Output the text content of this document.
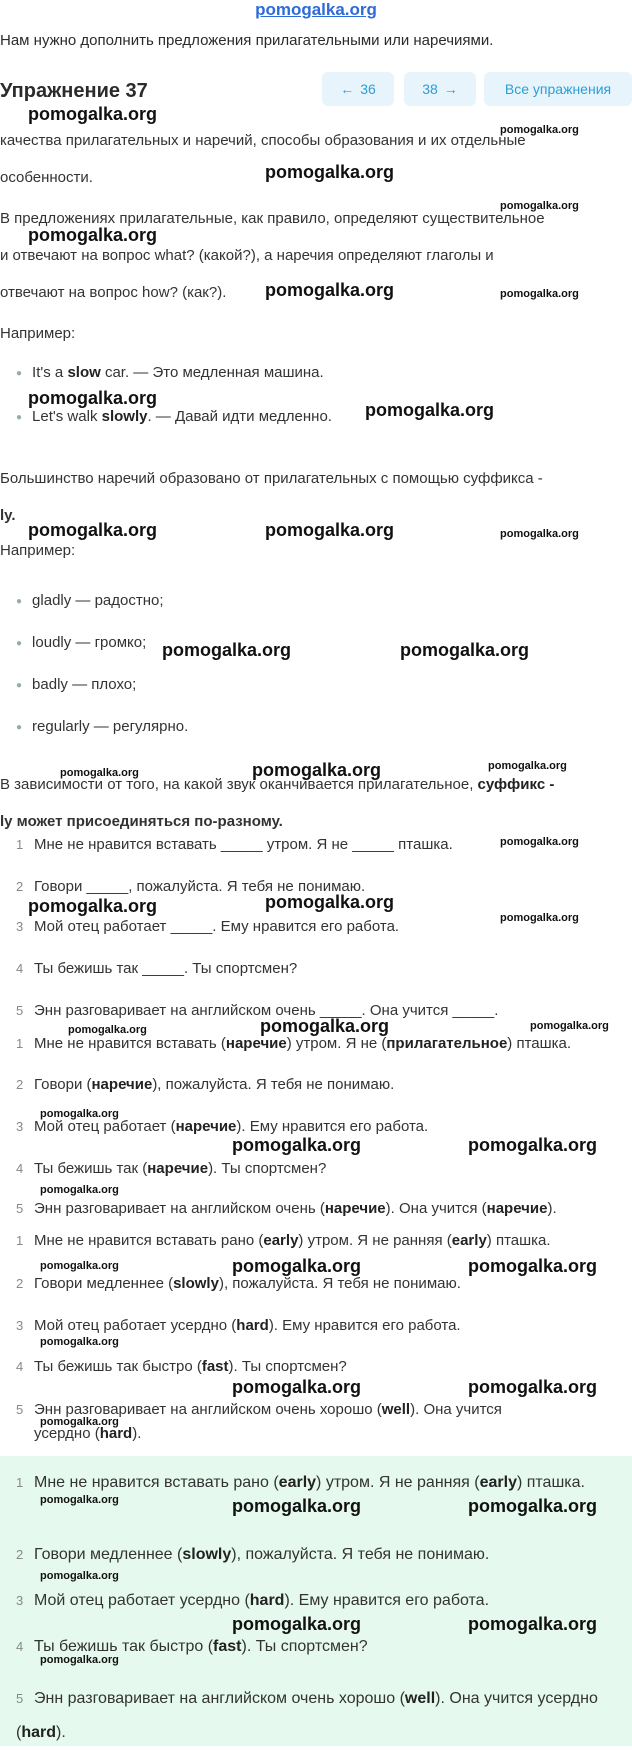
pomogalka.org
Нам нужно дополнить предложения прилагательными или наречиями.
Упражнение 37	← 36	38 →	Все упражнения
качества прилагательных и наречий, способы образования и их отдельные
особенности.
В предложениях прилагательные, как правило, определяют существительное
и отвечают на вопрос what? (какой?), а наречия определяют глаголы и
отвечают на вопрос how? (как?).
Например:
● It's a slow car. — Это медленная машина.
● Let's walk slowly. — Давай идти медленно.
Большинство наречий образовано от прилагательных с помощью суффикса -
ly.
Например:
● gladly — радостно;
● loudly — громко;
● badly — плохо;
● regularly — регулярно.
В зависимости от того, на какой звук оканчивается прилагательное, суффикс -
ly может присоединяться по-разному.
1 Мне не нравится вставать _____ утром. Я не _____ пташка.
2 Говори _____, пожалуйста. Я тебя не понимаю.
3 Мой отец работает _____. Ему нравится его работа.
4 Ты бежишь так _____. Ты спортсмен?
5 Энн разговаривает на английском очень _____. Она учится _____.
1 Мне не нравится вставать (наречие) утром. Я не (прилагательное) пташка.
2 Говори (наречие), пожалуйста. Я тебя не понимаю.
3 Мой отец работает (наречие). Ему нравится его работа.
4 Ты бежишь так (наречие). Ты спортсмен?
5 Энн разговаривает на английском очень (наречие). Она учится (наречие).
1 Мне не нравится вставать рано (early) утром. Я не ранняя (early) пташка.
2 Говори медленнее (slowly), пожалуйста. Я тебя не понимаю.
3 Мой отец работает усердно (hard). Ему нравится его работа.
4 Ты бежишь так быстро (fast). Ты спортсмен?
5 Энн разговаривает на английском очень хорошо (well). Она учится
усердно (hard).
1 Мне не нравится вставать рано (early) утром. Я не ранняя (early) пташка.
2 Говори медленнее (slowly), пожалуйста. Я тебя не понимаю.
3 Мой отец работает усердно (hard). Ему нравится его работа.
4 Ты бежишь так быстро (fast). Ты спортсмен?
5 Энн разговаривает на английском очень хорошо (well). Она учится усердно (hard).
pomogalka.org
pomogalka.org
pomogalka.org
pomogalka.org
pomogalka.org
pomogalka.org	pomogalka.org
pomogalka.org
pomogalka.org
pomogalka.org	pomogalka.org	pomogalka.org
pomogalka.org	pomogalka.org
pomogalka.org	pomogalka.org	pomogalka.org
pomogalka.org
pomogalka.org	pomogalka.org
pomogalka.org
pomogalka.org
pomogalka.org	pomogalka.org
pomogalka.org
pomogalka.org	pomogalka.org
pomogalka.org
pomogalka.org	pomogalka.org	pomogalka.org
pomogalka.org
pomogalka.org	pomogalka.org
pomogalka.org
pomogalka.org	pomogalka.org	pomogalka.org
pomogalka.org
pomogalka.org	pomogalka.org
pomogalka.org
